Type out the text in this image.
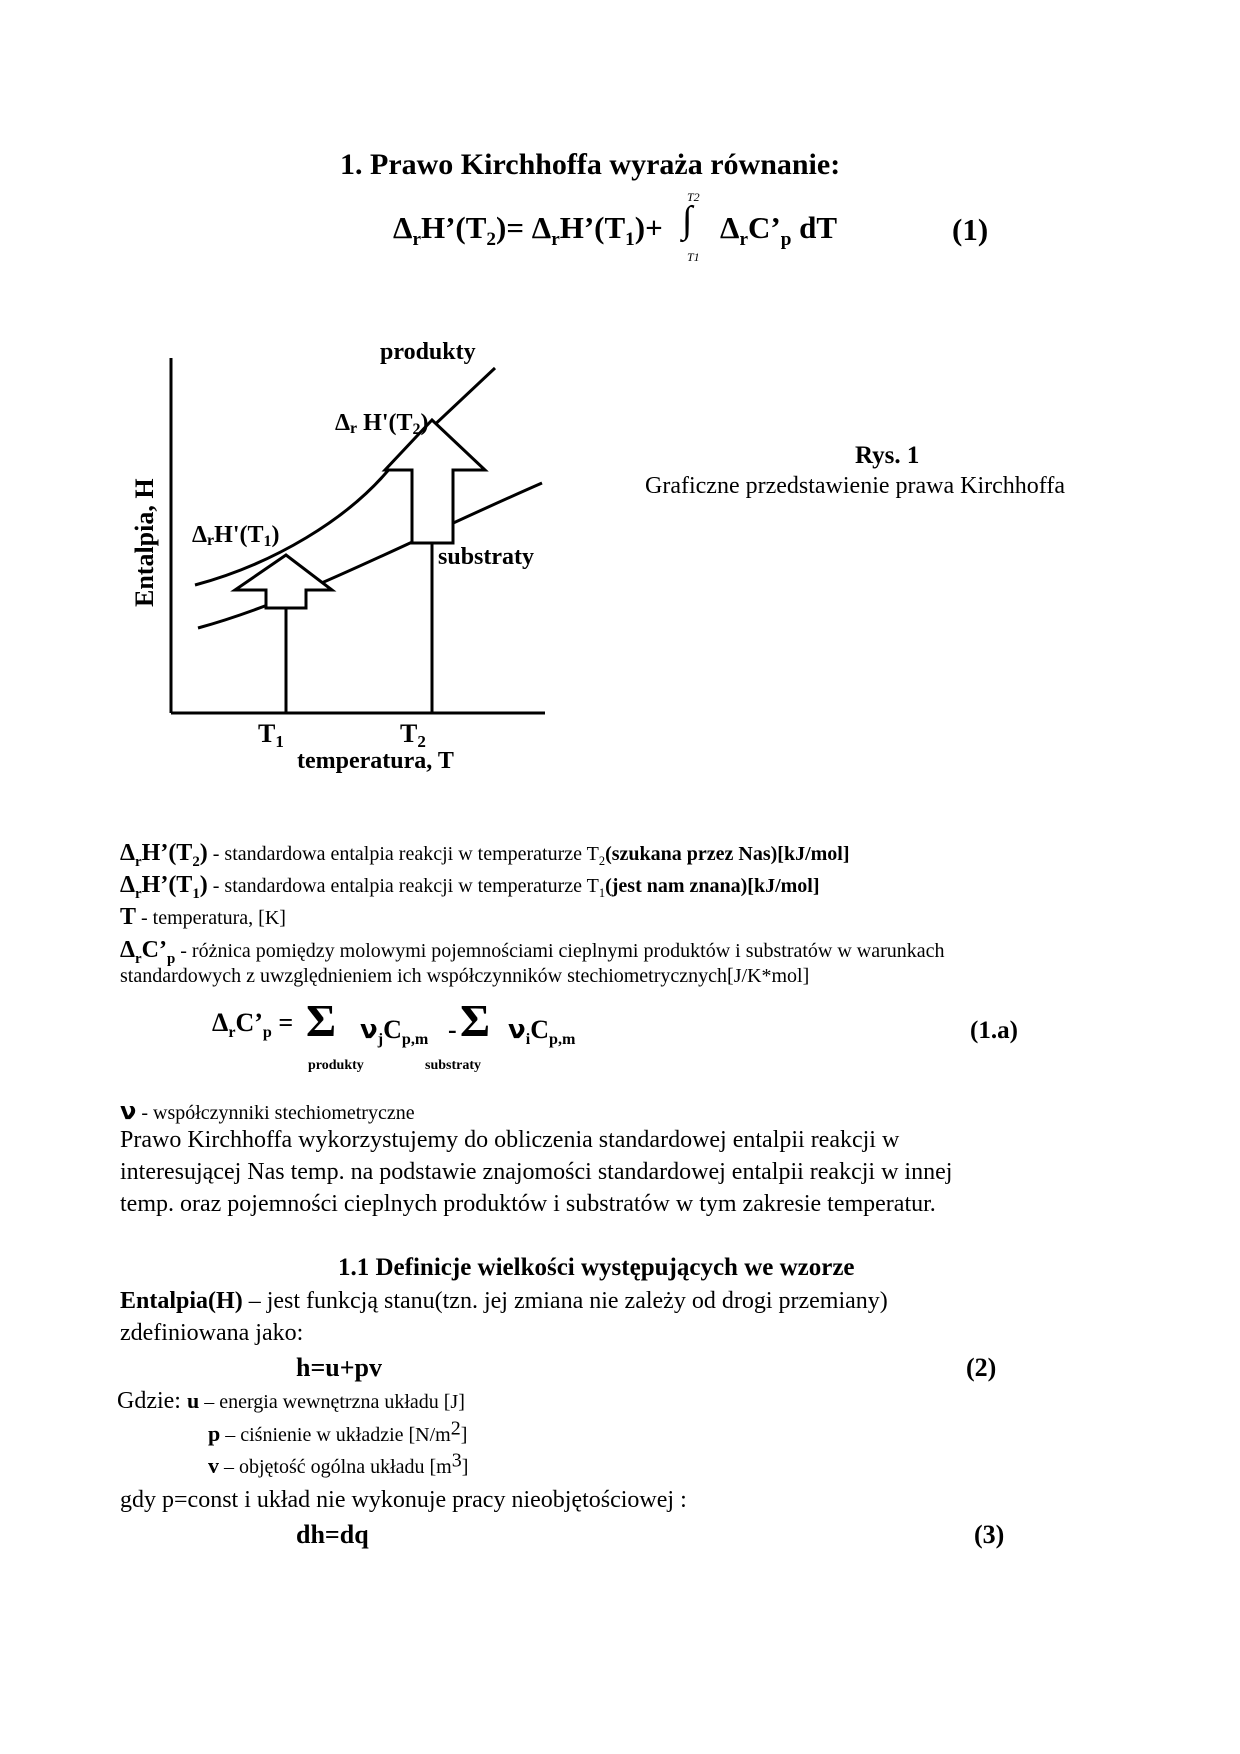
1. Prawo Kirchhoffa wyraża równanie:
$\Delta_rH’(T_2)=$ $\Delta_rH’(T_1)+$ ∫
T2
T1
$\Delta_rC’_p$ dT	(1)
Entalpia, H
produkty
substraty
Δr H'(T2)
ΔrH'(T1)
T1	T2
temperatura, T
Rys. 1
Graficzne przedstawienie prawa Kirchhoffa
$\Delta_rH’(T_2)$ - standardowa entalpia reakcji w temperaturze $T_2(szukana$ przez Nas)[kJ/mol]
$\Delta_rH’(T_1)$ - standardowa entalpia reakcji w temperaturze $T_1(jest$ nam znana)[kJ/mol]
T - temperatura, [K]
$\Delta_rC’_p$ - różnica pomiędzy molowymi pojemnościami cieplnymi produktów i substratów w warunkach
standardowych z uwzględnieniem ich współczynników stechiometrycznych[J/K*mol]
$\Delta_rC’_p = \Sigma$ $\nu_jC_{p,m}$ - Σ $\nu_iC_{p,m}$
produkty	substraty
(1.a)
ν - współczynniki stechiometryczne
Prawo Kirchhoffa wykorzystujemy do obliczenia standardowej entalpii reakcji w
interesującej Nas temp. na podstawie znajomości standardowej entalpii reakcji w innej
temp. oraz pojemności cieplnych produktów i substratów w tym zakresie temperatur.
1.1 Definicje wielkości występujących we wzorze
Entalpia(H) – jest funkcją stanu(tzn. jej zmiana nie zależy od drogi przemiany)
zdefiniowana jako:
h=u+pv	(2)
Gdzie: u – energia wewnętrzna układu [J]
p – ciśnienie w układzie $[N/m^2]$
v – objętość ogólna układu $[m^3]$
gdy p=const i układ nie wykonuje pracy nieobjętościowej :
dh=dq	(3)
